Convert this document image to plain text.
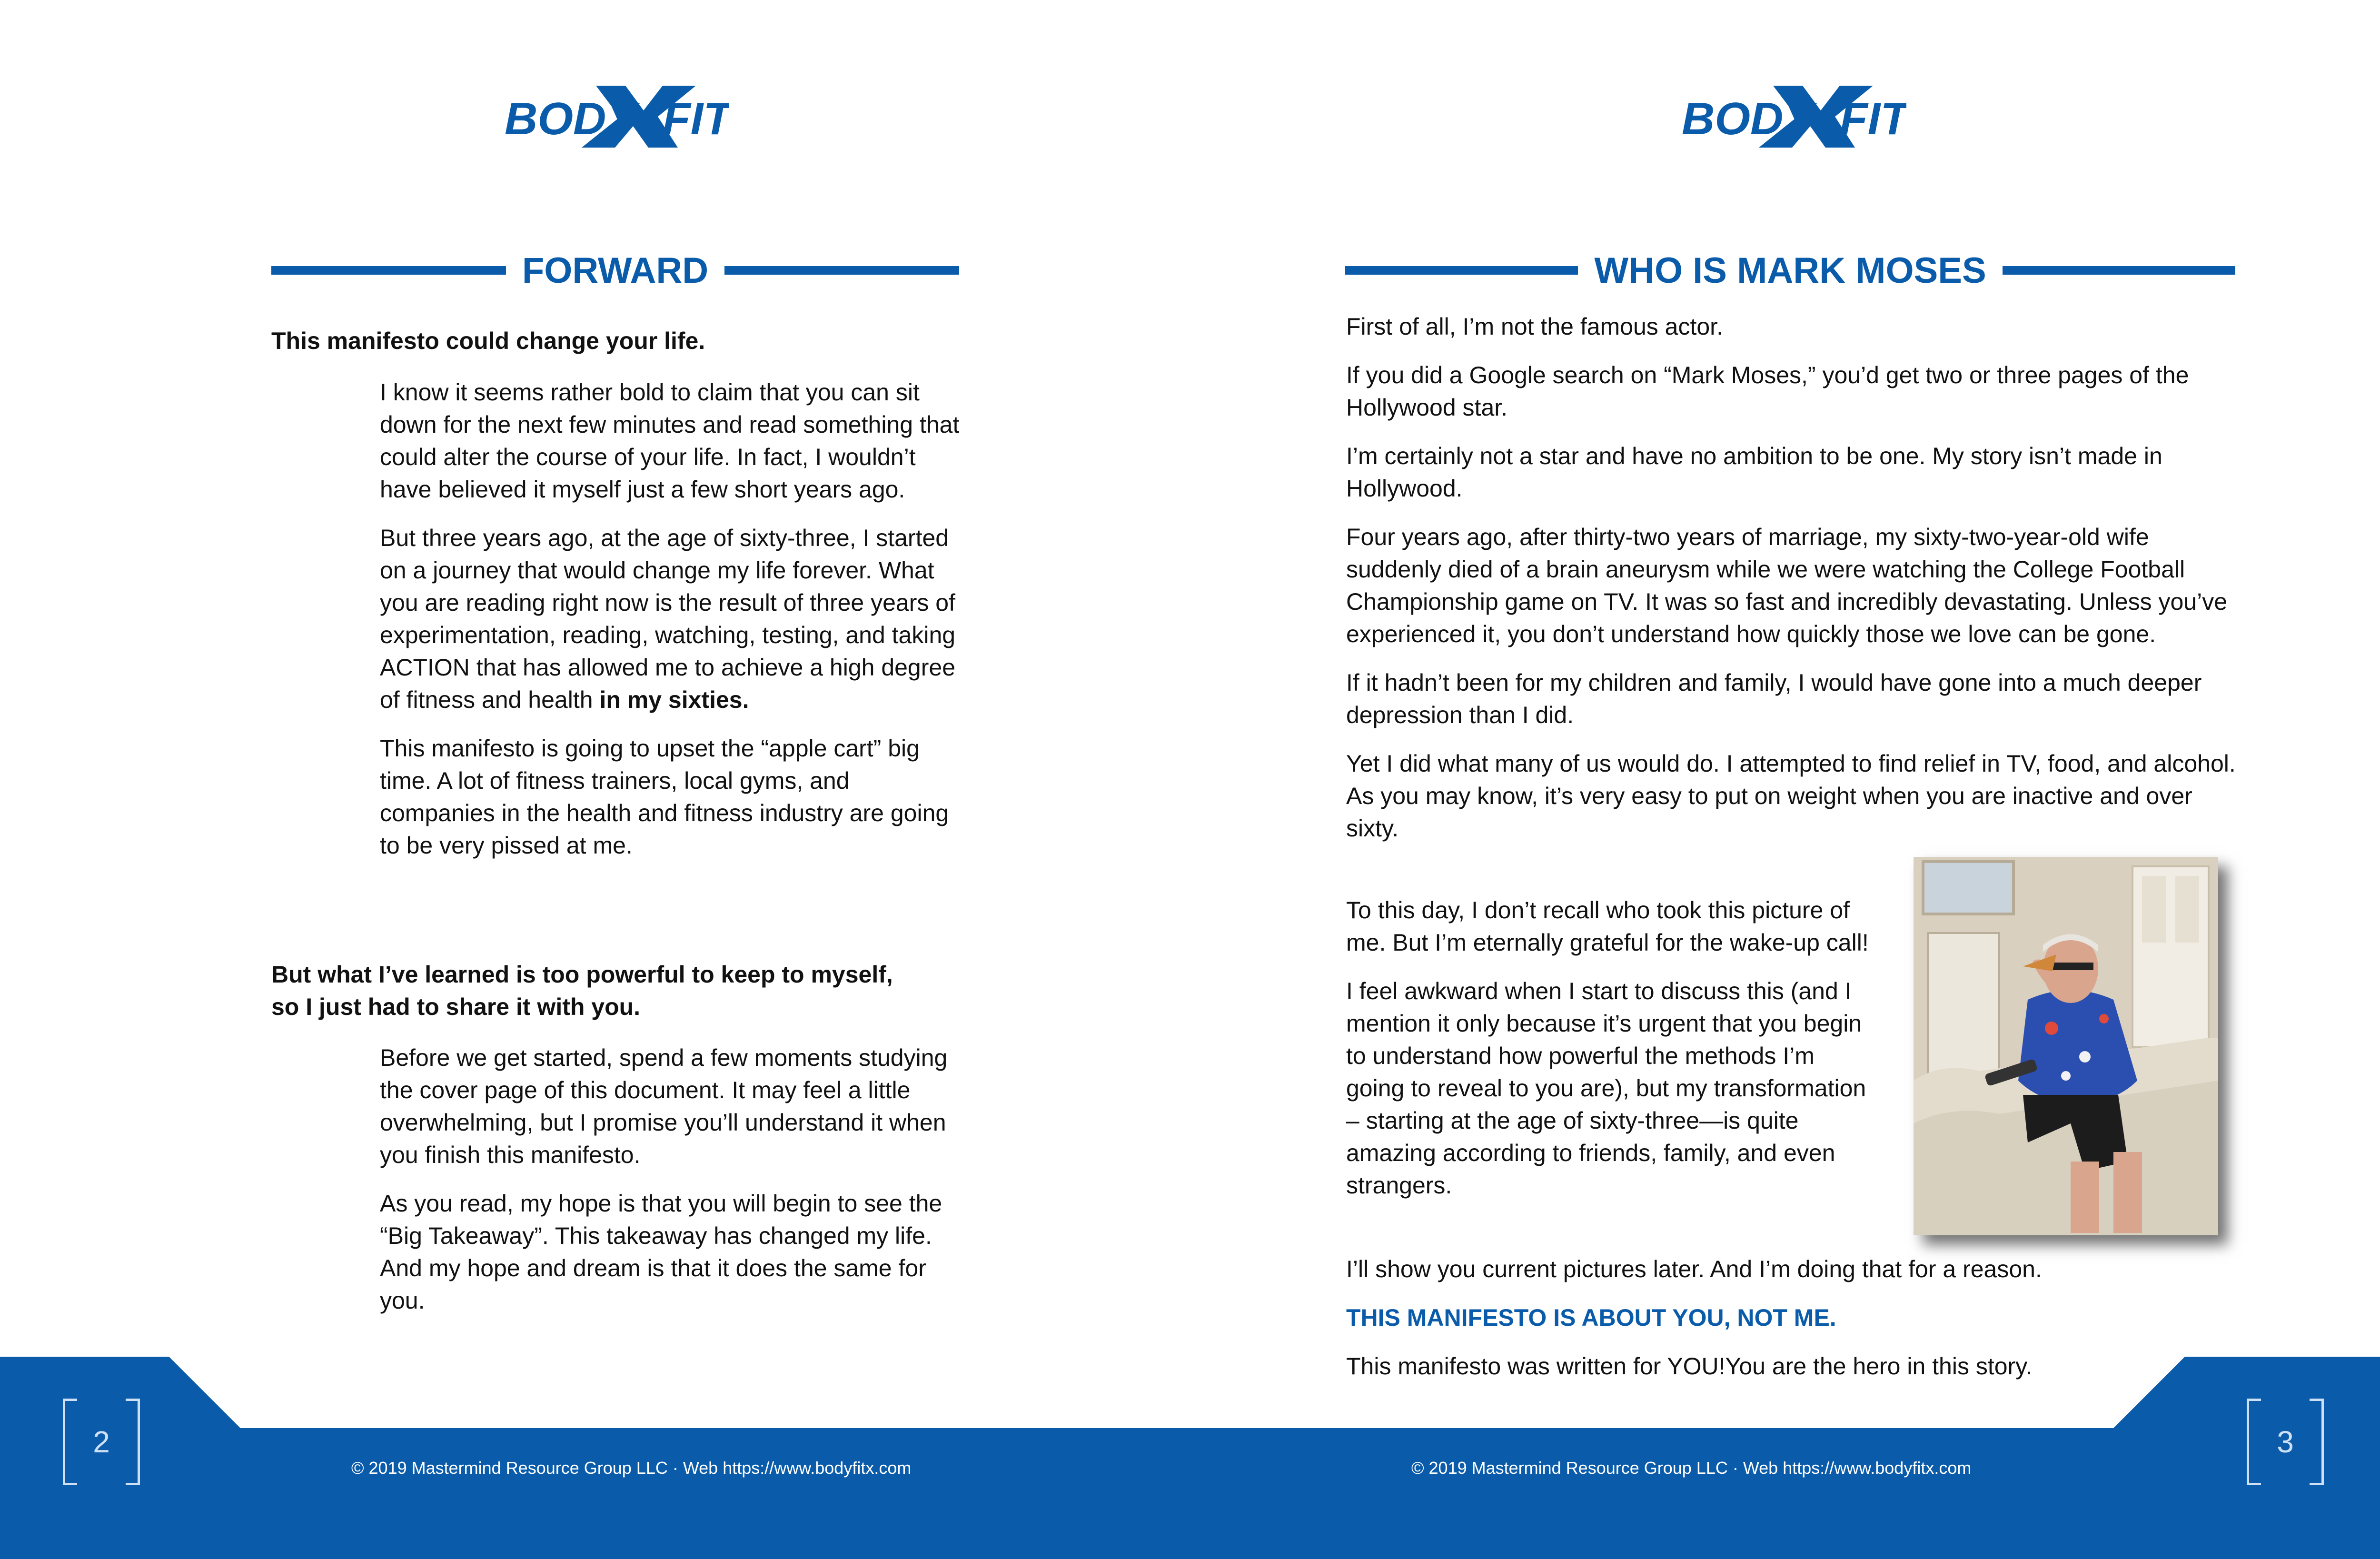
BODY FIT
FORWARD
This manifesto could change your life.

I know it seems rather bold to claim that you can sit down for the next few minutes and read something that could alter the course of your life. In fact, I wouldn’t have believed it myself just a few short years ago.

But three years ago, at the age of sixty-three, I started on a journey that would change my life forever. What you are reading right now is the result of three years of experimentation, reading, watching, testing, and taking ACTION that has allowed me to achieve a high degree of fitness and health in my sixties.

This manifesto is going to upset the “apple cart” big time. A lot of fitness trainers, local gyms, and companies in the health and fitness industry are going to be very pissed at me.

But what I’ve learned is too powerful to keep to myself, so I just had to share it with you.

Before we get started, spend a few moments studying the cover page of this document. It may feel a little overwhelming, but I promise you’ll understand it when you finish this manifesto.

As you read, my hope is that you will begin to see the “Big Takeaway”. This takeaway has changed my life. And my hope and dream is that it does the same for you.

2
© 2019 Mastermind Resource Group LLC · Web https://www.bodyfitx.com
BODY FIT
WHO IS MARK MOSES

First of all, I’m not the famous actor.

If you did a Google search on “Mark Moses,” you’d get two or three pages of the Hollywood star.

I’m certainly not a star and have no ambition to be one. My story isn’t made in Hollywood.

Four years ago, after thirty-two years of marriage, my sixty-two-year-old wife suddenly died of a brain aneurysm while we were watching the College Football Championship game on TV. It was so fast and incredibly devastating. Unless you’ve experienced it, you don’t understand how quickly those we love can be gone.

If it hadn’t been for my children and family, I would have gone into a much deeper depression than I did.

Yet I did what many of us would do. I attempted to find relief in TV, food, and alcohol. As you may know, it’s very easy to put on weight when you are inactive and over sixty.

To this day, I don’t recall who took this picture of me. But I’m eternally grateful for the wake-up call!

I feel awkward when I start to discuss this (and I mention it only because it’s urgent that you begin to understand how powerful the methods I’m going to reveal to you are), but my transformation – starting at the age of sixty-three—is quite amazing according to friends, family, and even strangers.

I’ll show you current pictures later. And I’m doing that for a reason.

THIS MANIFESTO IS ABOUT YOU, NOT ME.

This manifesto was written for YOU!You are the hero in this story.

3
© 2019 Mastermind Resource Group LLC · Web https://www.bodyfitx.com
